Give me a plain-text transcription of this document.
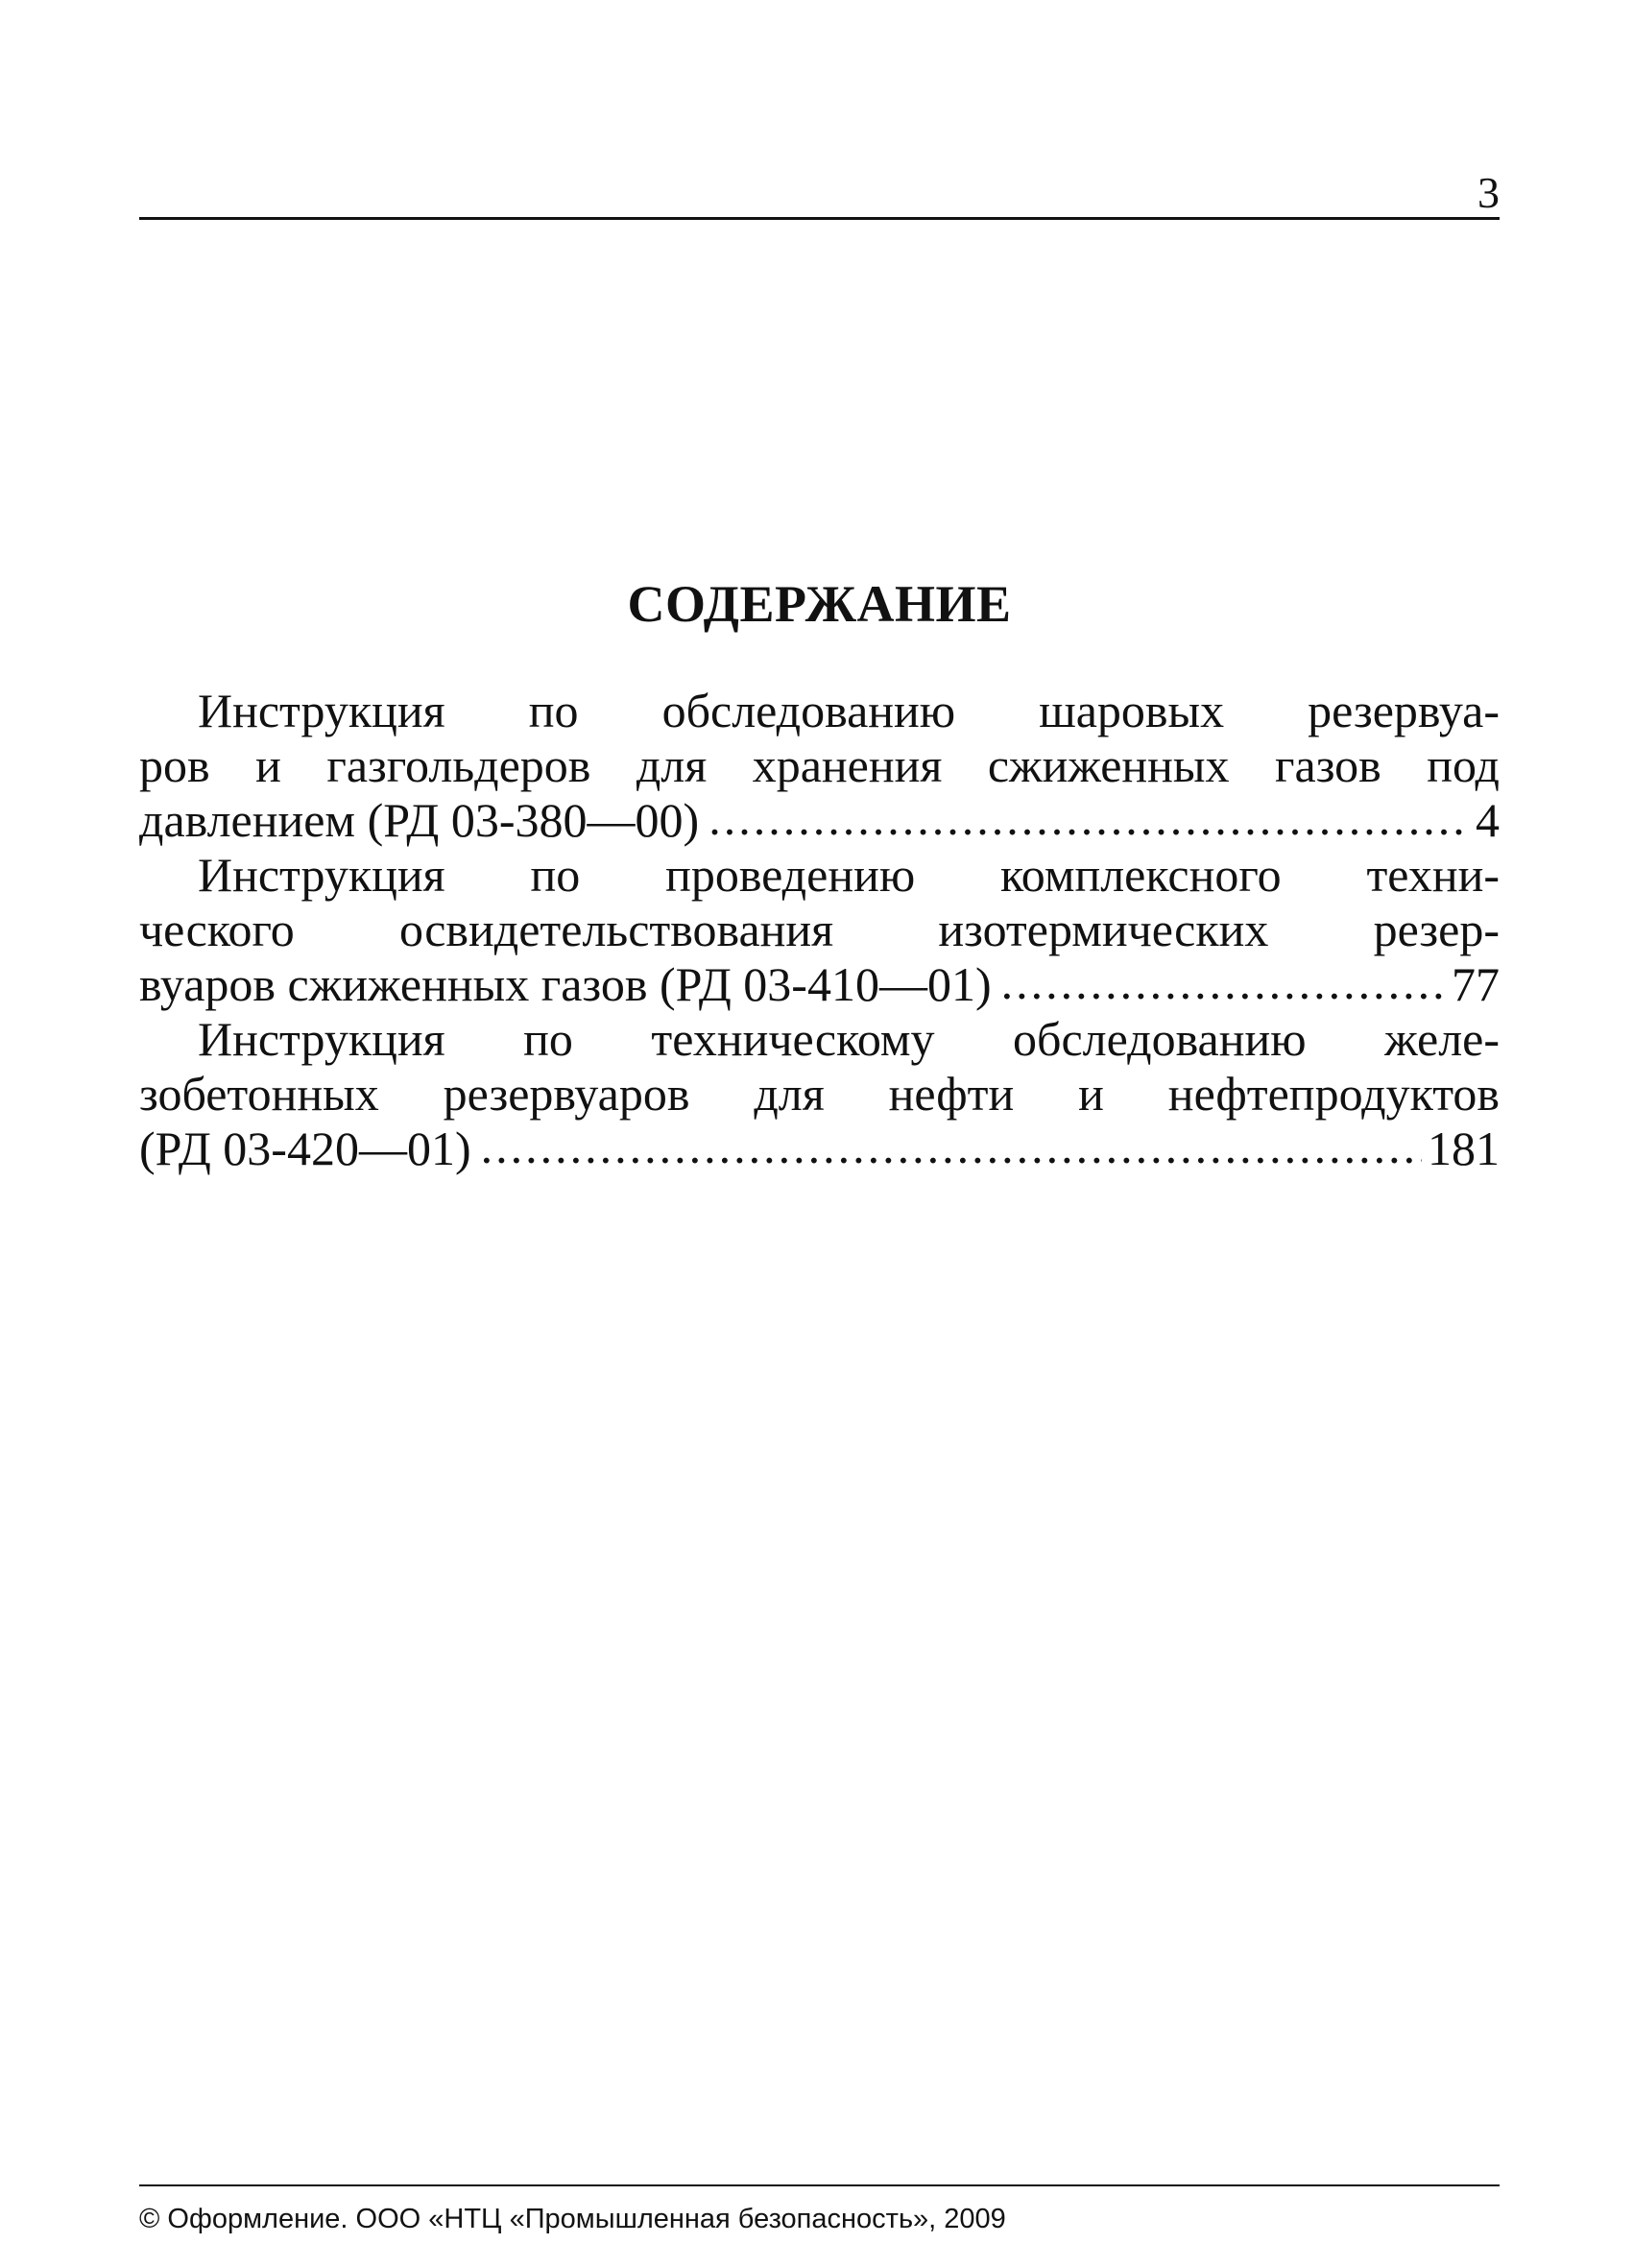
3
СОДЕРЖАНИЕ
Инструкция по обследованию шаровых резервуа-
ров и газгольдеров для хранения сжиженных газов под
давлением (РД 03-380—00) .....	4
Инструкция по проведению комплексного техни-
ческого освидетельствования изотермических резер-
вуаров сжиженных газов (РД 03-410—01) .....	77
Инструкция по техническому обследованию желе-
зобетонных резервуаров для нефти и нефтепродуктов
(РД 03-420—01) .....	181
© Оформление. ООО «НТЦ «Промышленная безопасность», 2009
